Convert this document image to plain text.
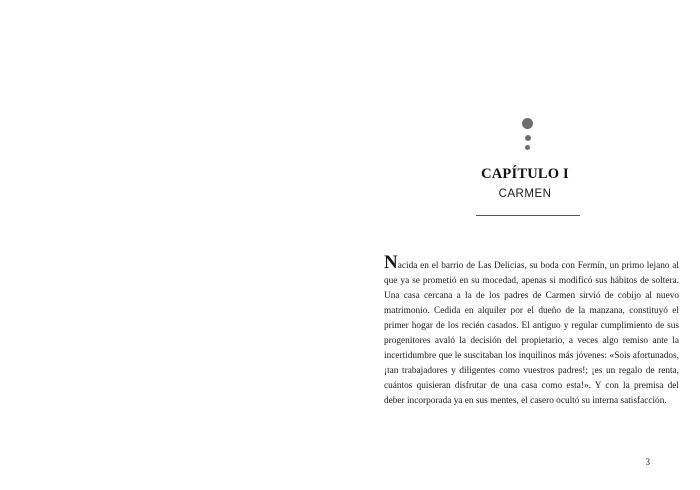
CAPÍTULO I
CARMEN
Nacida en el barrio de Las Delicias, su boda con Fermín, un primo lejano al que ya se prometió en su mocedad, apenas si modificó sus hábitos de soltera. Una casa cercana a la de los padres de Carmen sirvió de cobijo al nuevo matrimonio. Cedida en alquiler por el dueño de la manzana, constituyó el primer hogar de los recién casados. El antiguo y regular cumplimiento de sus progenitores avaló la decisión del propietario, a veces algo remiso ante la incertidumbre que le suscitaban los inquilinos más jóvenes: «Sois afortunados, ¡tan trabajadores y diligentes como vuestros padres!; ¡es un regalo de renta, cuántos quisieran disfrutar de una casa como esta!». Y con la premisa del deber incorporada ya en sus mentes, el casero ocultó su interna satisfacción.
3
